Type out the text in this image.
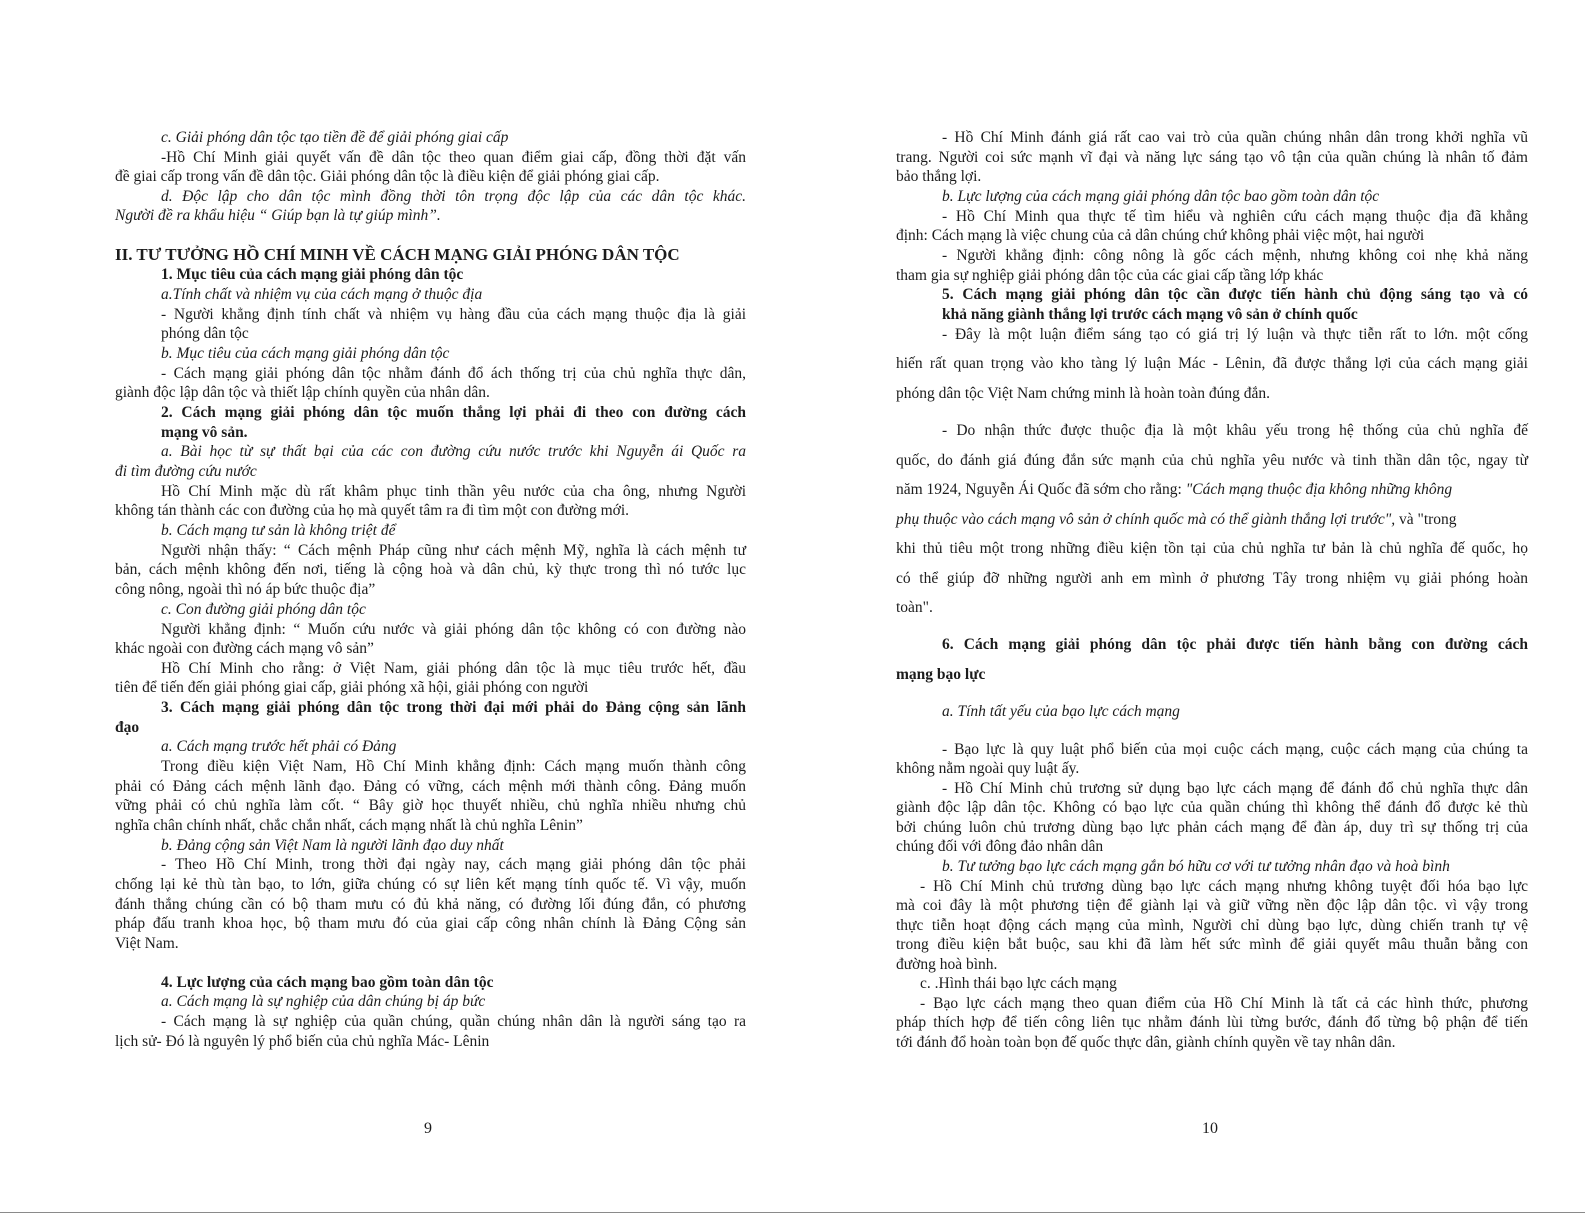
c. Giải phóng dân tộc tạo tiền đề để giải phóng giai cấp
-Hồ Chí Minh giải quyết vấn đề dân tộc theo quan điểm giai cấp, đồng thời đặt vấn
đề giai cấp trong vấn đề dân tộc. Giải phóng dân tộc là điều kiện để giải phóng giai cấp.
d. Độc lập cho dân tộc mình đồng thời tôn trọng độc lập của các dân tộc khác.
Người đề ra khẩu hiệu “ Giúp bạn là tự giúp mình”.
II. TƯ TƯỞNG HỒ CHÍ MINH VỀ CÁCH MẠNG GIẢI PHÓNG DÂN TỘC
1. Mục tiêu của cách mạng giải phóng dân tộc
a.Tính chất và nhiệm vụ của cách mạng ở thuộc địa
- Người khẳng định tính chất và nhiệm vụ hàng đầu của cách mạng thuộc địa là giải
phóng dân tộc
b. Mục tiêu của cách mạng giải phóng dân tộc
- Cách mạng giải phóng dân tộc nhằm đánh đổ ách thống trị của chủ nghĩa thực dân,
giành độc lập dân tộc và thiết lập chính quyền của nhân dân.
2. Cách mạng giải phóng dân tộc muốn thắng lợi phải đi theo con đường cách
mạng vô sản.
a. Bài học từ sự thất bại của các con đường cứu nước trước khi Nguyễn ái Quốc ra
đi tìm đường cứu nước
Hồ Chí Minh mặc dù rất khâm phục tinh thần yêu nước của cha ông, nhưng Người
không tán thành các con đường của họ mà quyết tâm ra đi tìm một con đường mới.
b. Cách mạng tư sản là không triệt để
Người nhận thấy: “ Cách mệnh Pháp cũng như cách mệnh Mỹ, nghĩa là cách mệnh tư
bản, cách mệnh không đến nơi, tiếng là cộng hoà và dân chủ, kỳ thực trong thì nó tước lục
công nông, ngoài thì nó áp bức thuộc địa”
c. Con đường giải phóng dân tộc
Người khẳng định: “ Muốn cứu nước và giải phóng dân tộc không có con đường nào
khác ngoài con đường cách mạng vô sản”
Hồ Chí Minh cho rằng: ở Việt Nam, giải phóng dân tộc là mục tiêu trước hết, đầu
tiên để tiến đến giải phóng giai cấp, giải phóng xã hội, giải phóng con người
3. Cách mạng giải phóng dân tộc trong thời đại mới phải do Đảng cộng sản lãnh
đạo
a. Cách mạng trước hết phải có Đảng
Trong điều kiện Việt Nam, Hồ Chí Minh khẳng định: Cách mạng muốn thành công
phải có Đảng cách mệnh lãnh đạo. Đảng có vững, cách mệnh mới thành công. Đảng muốn
vững phải có chủ nghĩa làm cốt. “ Bây giờ học thuyết nhiều, chủ nghĩa nhiều nhưng chủ
nghĩa chân chính nhất, chắc chắn nhất, cách mạng nhất là chủ nghĩa Lênin”
b. Đảng cộng sản Việt Nam là người lãnh đạo duy nhất
- Theo Hồ Chí Minh, trong thời đại ngày nay, cách mạng giải phóng dân tộc phải
chống lại kẻ thù tàn bạo, to lớn, giữa chúng có sự liên kết mạng tính quốc tế. Vì vậy, muốn
đánh thắng chúng cần có bộ tham mưu có đủ khả năng, có đường lối đúng đắn, có phương
pháp đấu tranh khoa học, bộ tham mưu đó của giai cấp công nhân chính là Đảng Cộng sản
Việt Nam.
4. Lực lượng của cách mạng bao gồm toàn dân tộc
a. Cách mạng là sự nghiệp của dân chúng bị áp bức
- Cách mạng là sự nghiệp của quần chúng, quần chúng nhân dân là người sáng tạo ra
lịch sử- Đó là nguyên lý phổ biến của chủ nghĩa Mác- Lênin
9
- Hồ Chí Minh đánh giá rất cao vai trò của quần chúng nhân dân trong khởi nghĩa vũ
trang. Người coi sức mạnh vĩ đại và năng lực sáng tạo vô tận của quần chúng là nhân tố đảm
bảo thắng lợi.
b. Lực lượng của cách mạng giải phóng dân tộc bao gồm toàn dân tộc
- Hồ Chí Minh qua thực tế tìm hiểu và nghiên cứu cách mạng thuộc địa đã khẳng
định: Cách mạng là việc chung của cả dân chúng chứ không phải việc một, hai người
- Người khẳng định: công nông là gốc cách mệnh, nhưng không coi nhẹ khả năng
tham gia sự nghiệp giải phóng dân tộc của các giai cấp tầng lớp khác
5. Cách mạng giải phóng dân tộc cần được tiến hành chủ động sáng tạo và có
khả năng giành thắng lợi trước cách mạng vô sản ở chính quốc
- Đây là một luận điểm sáng tạo có giá trị lý luận và thực tiễn rất to lớn. một cống
hiến rất quan trọng vào kho tàng lý luận Mác - Lênin, đã được thắng lợi của cách mạng giải
phóng dân tộc Việt Nam chứng minh là hoàn toàn đúng đắn.
- Do nhận thức được thuộc địa là một khâu yếu trong hệ thống của chủ nghĩa đế
quốc, do đánh giá đúng đắn sức mạnh của chủ nghĩa yêu nước và tinh thần dân tộc, ngay từ
năm 1924, Nguyễn Ái Quốc đã sớm cho rằng: "Cách mạng thuộc địa không những không
phụ thuộc vào cách mạng vô sản ở chính quốc mà có thể giành thắng lợi trước", và "trong
khi thủ tiêu một trong những điều kiện tồn tại của chủ nghĩa tư bản là chủ nghĩa đế quốc, họ
có thể giúp đỡ những người anh em mình ở phương Tây trong nhiệm vụ giải phóng hoàn
toàn".
6. Cách mạng giải phóng dân tộc phải được tiến hành bằng con đường cách
mạng bạo lực
a. Tính tất yếu của bạo lực cách mạng
- Bạo lực là quy luật phổ biến của mọi cuộc cách mạng, cuộc cách mạng của chúng ta
không nằm ngoài quy luật ấy.
- Hồ Chí Minh chủ trương sử dụng bạo lực cách mạng để đánh đổ chủ nghĩa thực dân
giành độc lập dân tộc. Không có bạo lực của quần chúng thì không thể đánh đổ được kẻ thù
bởi chúng luôn chủ trương dùng bạo lực phản cách mạng để đàn áp, duy trì sự thống trị của
chúng đối với đông đảo nhân dân
b. Tư tưởng bạo lực cách mạng gắn bó hữu cơ với tư tưởng nhân đạo và hoà bình
- Hồ Chí Minh chủ trương dùng bạo lực cách mạng nhưng không tuyệt đối hóa bạo lực
mà coi đây là một phương tiện để giành lại và giữ vững nền độc lập dân tộc. vì vậy trong
thực tiễn hoạt động cách mạng của mình, Người chỉ dùng bạo lực, dùng chiến tranh tự vệ
trong điều kiện bắt buộc, sau khi đã làm hết sức mình để giải quyết mâu thuẫn bằng con
đường hoà bình.
c. .Hình thái bạo lực cách mạng
- Bạo lực cách mạng theo quan điểm của Hồ Chí Minh là tất cả các hình thức, phương
pháp thích hợp để tiến công liên tục nhằm đánh lùi từng bước, đánh đổ từng bộ phận để tiến
tới đánh đổ hoàn toàn bọn đế quốc thực dân, giành chính quyền về tay nhân dân.
10
